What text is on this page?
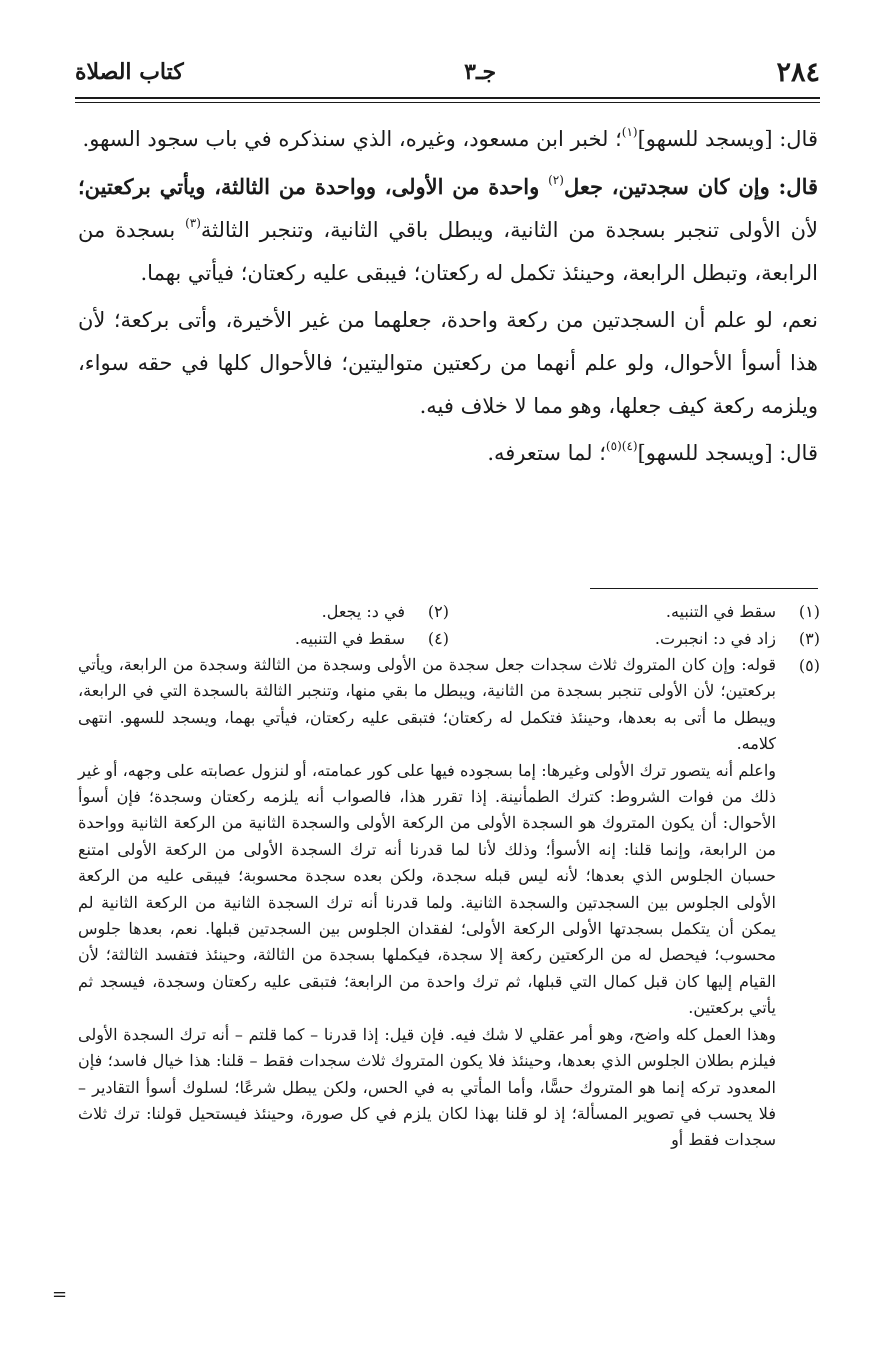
٢٨٤
جـ٣
كتاب الصلاة

قال: [ويسجد للسهو]$^{(١)}$؛ لخبر ابن مسعود، وغيره، الذي سنذكره في باب سجود السهو.

قال: وإن كان سجدتين، جعل$^{(٢)}$ واحدة من الأولى، وواحدة من الثالثة، ويأتي بركعتين؛ لأن الأولى تنجبر بسجدة من الثانية، ويبطل باقي الثانية، وتنجبر الثالثة$^{(٣)}$ بسجدة من الرابعة، وتبطل الرابعة، وحينئذ تكمل له ركعتان؛ فيبقى عليه ركعتان؛ فيأتي بهما.

نعم، لو علم أن السجدتين من ركعة واحدة، جعلهما من غير الأخيرة، وأتى بركعة؛ لأن هذا أسوأ الأحوال، ولو علم أنهما من ركعتين متواليتين؛ فالأحوال كلها في حقه سواء، ويلزمه ركعة كيف جعلها، وهو مما لا خلاف فيه.

قال: [ويسجد للسهو]$^{(٤)(٥)}$؛ لما ستعرفه.

(١)
سقط في التنبيه.
(٢)
في د: يجعل.
(٣)
زاد في د: انجبرت.
(٤)
سقط في التنبيه.
(٥)

قوله: وإن كان المتروك ثلاث سجدات جعل سجدة من الأولى وسجدة من الثالثة وسجدة من الرابعة، ويأتي بركعتين؛ لأن الأولى تنجبر بسجدة من الثانية، ويبطل ما بقي منها، وتنجبر الثالثة بالسجدة التي في الرابعة، ويبطل ما أتى به بعدها، وحينئذ فتكمل له ركعتان؛ فتبقى عليه ركعتان، فيأتي بهما، ويسجد للسهو. انتهى كلامه.

واعلم أنه يتصور ترك الأولى وغيرها: إما بسجوده فيها على كور عمامته، أو لنزول عصابته على وجهه، أو غير ذلك من فوات الشروط: كترك الطمأنينة. إذا تقرر هذا، فالصواب أنه يلزمه ركعتان وسجدة؛ فإن أسوأ الأحوال: أن يكون المتروك هو السجدة الأولى من الركعة الأولى والسجدة الثانية من الركعة الثانية وواحدة من الرابعة، وإنما قلنا: إنه الأسوأ؛ وذلك لأنا لما قدرنا أنه ترك السجدة الأولى من الركعة الأولى امتنع حسبان الجلوس الذي بعدها؛ لأنه ليس قبله سجدة، ولكن بعده سجدة محسوبة؛ فيبقى عليه من الركعة الأولى الجلوس بين السجدتين والسجدة الثانية. ولما قدرنا أنه ترك السجدة الثانية من الركعة الثانية لم يمكن أن يتكمل بسجدتها الأولى الركعة الأولى؛ لفقدان الجلوس بين السجدتين قبلها. نعم، بعدها جلوس محسوب؛ فيحصل له من الركعتين ركعة إلا سجدة، فيكملها بسجدة من الثالثة، وحينئذ فتفسد الثالثة؛ لأن القيام إليها كان قبل كمال التي قبلها، ثم ترك واحدة من الرابعة؛ فتبقى عليه ركعتان وسجدة، فيسجد ثم يأتي بركعتين.

وهذا العمل كله واضح، وهو أمر عقلي لا شك فيه. فإن قيل: إذا قدرنا – كما قلتم – أنه ترك السجدة الأولى فيلزم بطلان الجلوس الذي بعدها، وحينئذ فلا يكون المتروك ثلاث سجدات فقط – قلنا: هذا خيال فاسد؛ فإن المعدود تركه إنما هو المتروك حسًّا، وأما المأتي به في الحس، ولكن يبطل شرعًا؛ لسلوك أسوأ التقادير – فلا يحسب في تصوير المسألة؛ إذ لو قلنا بهذا لكان يلزم في كل صورة، وحينئذ فيستحيل قولنا: ترك ثلاث سجدات فقط أو

=
